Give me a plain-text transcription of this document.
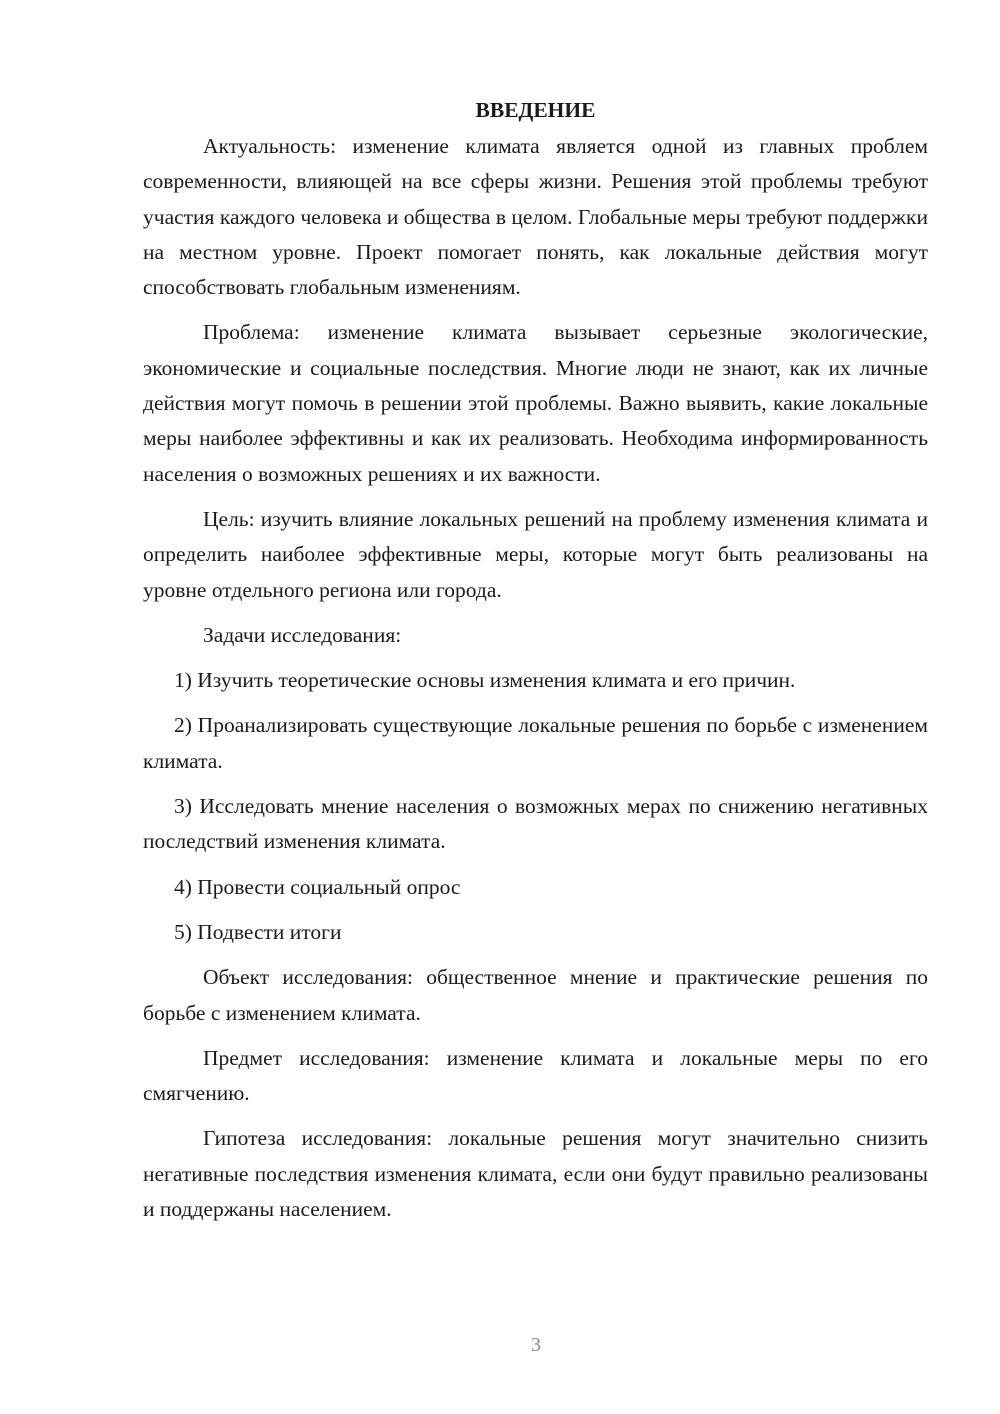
ВВЕДЕНИЕ

Актуальность: изменение климата является одной из главных проблем современности, влияющей на все сферы жизни. Решения этой проблемы требуют участия каждого человека и общества в целом. Глобальные меры требуют поддержки на местном уровне. Проект помогает понять, как локальные действия могут способствовать глобальным изменениям.

Проблема: изменение климата вызывает серьезные экологические, экономические и социальные последствия. Многие люди не знают, как их личные действия могут помочь в решении этой проблемы. Важно выявить, какие локальные меры наиболее эффективны и как их реализовать. Необходима информированность населения о возможных решениях и их важности.

Цель: изучить влияние локальных решений на проблему изменения климата и определить наиболее эффективные меры, которые могут быть реализованы на уровне отдельного региона или города.

Задачи исследования:

1) Изучить теоретические основы изменения климата и его причин.

2) Проанализировать существующие локальные решения по борьбе с изменением климата.

3) Исследовать мнение населения о возможных мерах по снижению негативных последствий изменения климата.

4) Провести социальный опрос

5) Подвести итоги

Объект исследования: общественное мнение и практические решения по борьбе с изменением климата.

Предмет исследования: изменение климата и локальные меры по его смягчению.

Гипотеза исследования: локальные решения могут значительно снизить негативные последствия изменения климата, если они будут правильно реализованы и поддержаны населением.

3
